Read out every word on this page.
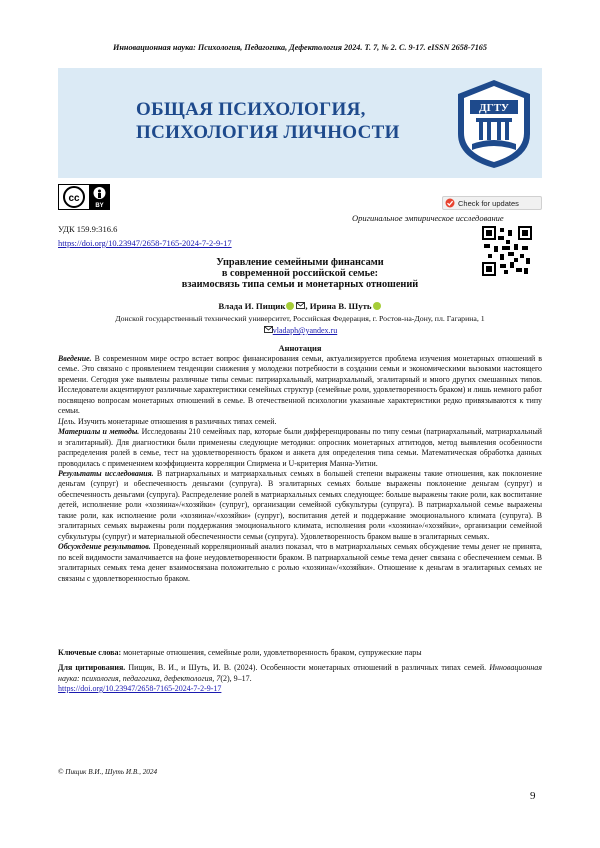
Инновационная наука: Психология, Педагогика, Дефектология 2024. Т. 7, № 2. С. 9-17. eISSN 2658-7165
ОБЩАЯ ПСИХОЛОГИЯ,
ПСИХОЛОГИЯ ЛИЧНОСТИ
ДГТУ
cc
BY	Check for updates
Оригинальное эмпирическое исследование
УДК 159.9:316.6
https://doi.org/10.23947/2658-7165-2024-7-2-9-17
Управление семейными финансами
в современной российской семье:
взаимосвязь типа семьи и монетарных отношений
Влада И. Пищик , Ирина В. Шуть
Донской государственный технический университет, Российская Федерация, г. Ростов-на-Дону, пл. Гагарина, 1
vladaph@yandex.ru
Аннотация

Введение. В современном мире остро встает вопрос финансирования семьи, актуализируется проблема изучения монетарных отношений в семье. Это связано с проявлением тенденции снижения у молодежи потребности в создании семьи и экономическими вызовами настоящего времени. Сегодня уже выявлены различные типы семьи: патриархальный, матриархальный, эгалитарный и много других смешанных типов. Исследователи акцентируют различные характеристики семейных структур (семейные роли, удовлетворенность браком) и лишь немного работ посвящено вопросам монетарных отношений в семье. В отечественной психологии указанные характеристики редко привязываются к типу семьи.

Цель. Изучить монетарные отношения в различных типах семей.

Материалы и методы. Исследованы 210 семейных пар, которые были дифференцированы по типу семьи (патриархальный, матриархальный и эгалитарный). Для диагностики были применены следующие методики: опросник монетарных аттитюдов, метод выявления особенности распределения ролей в семье, тест на удовлетворенность браком и анкета для определения типа семьи. Математическая обработка данных проводилась с применением коэффициента корреляции Спирмена и U-критерия Манна-Уитни.

Результаты исследования. В патриархальных и матриархальных семьях в большей степени выражены такие отношения, как поклонение деньгам (супруг) и обеспеченность деньгами (супруга). В эгалитарных семьях больше выражены поклонение деньгам (супруг) и обеспеченность деньгами (супруга). Распределение ролей в матриархальных семьях следующее: больше выражены такие роли, как воспитание детей, исполнение роли «хозяина»/«хозяйки» (супруг), организации семейной субкультуры (супруга). В патриархальной семье выражены такие роли, как исполнение роли «хозяина»/«хозяйки» (супруг), воспитания детей и поддержание эмоционального климата (супруга). В эгалитарных семьях выражены роли поддержания эмоционального климата, исполнения роли «хозяина»/«хозяйки», организации семейной субкультуры (супруг) и материальной обеспеченности семьи (супруга). Удовлетворенность браком выше в эгалитарных семьях.

Обсуждение результатов. Проведенный корреляционный анализ показал, что в матриархальных семьях обсуждение темы денег не принята, по всей видимости замалчивается на фоне неудовлетворенности браком. В патриархальной семье тема денег связана с обеспечением семьи. В эгалитарных семьях тема денег взаимосвязана положительно с ролью «хозяина»/«хозяйки». Отношение к деньгам в эгалитарных семьях не связаны с удовлетворенностью браком.

Ключевые слова: монетарные отношения, семейные роли, удовлетворенность браком, супружеские пары
Для цитирования. Пищик, В. И., и Шуть, И. В. (2024). Особенности монетарных отношений в различных типах семей. Инновационная наука: психология, педагогика, дефектология, 7(2), 9–17.
https://doi.org/10.23947/2658-7165-2024-7-2-9-17
© Пищик В.И., Шуть И.В., 2024
9
